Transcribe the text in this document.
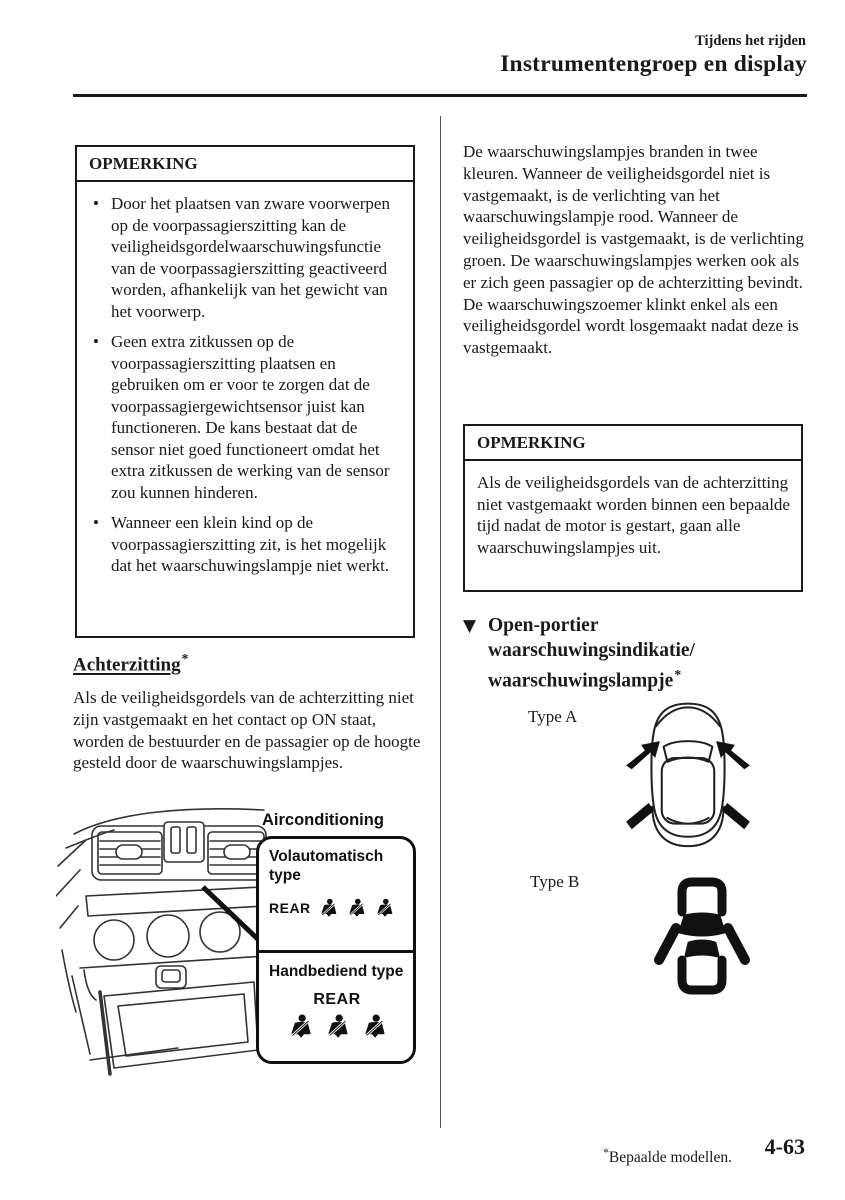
Tijdens het rijden
Instrumentengroep en display
OPMERKING
• Door het plaatsen van zware voorwerpen op de voorpassagierszitting kan de veiligheidsgordelwaarschuwingsfunctie van de voorpassagierszitting geactiveerd worden, afhankelijk van het gewicht van het voorwerp.
• Geen extra zitkussen op de voorpassagierszitting plaatsen en gebruiken om er voor te zorgen dat de voorpassagiergewichtsensor juist kan functioneren. De kans bestaat dat de sensor niet goed functioneert omdat het extra zitkussen de werking van de sensor zou kunnen hinderen.
• Wanneer een klein kind op de voorpassagierszitting zit, is het mogelijk dat het waarschuwingslampje niet werkt.
Achterzitting*
Als de veiligheidsgordels van de achterzitting niet zijn vastgemaakt en het contact op ON staat, worden de bestuurder en de passagier op de hoogte gesteld door de waarschuwingslampjes.
Airconditioning
Volautomatisch type
REAR
Handbediend type
REAR
De waarschuwingslampjes branden in twee kleuren. Wanneer de veiligheidsgordel niet is vastgemaakt, is de verlichting van het waarschuwingslampje rood. Wanneer de veiligheidsgordel is vastgemaakt, is de verlichting groen. De waarschuwingslampjes werken ook als er zich geen passagier op de achterzitting bevindt. De waarschuwingszoemer klinkt enkel als een veiligheidsgordel wordt losgemaakt nadat deze is vastgemaakt.
OPMERKING
Als de veiligheidsgordels van de achterzitting niet vastgemaakt worden binnen een bepaalde tijd nadat de motor is gestart, gaan alle waarschuwingslampjes uit.
▼ Open-portier
waarschuwingsindikatie/
waarschuwingslampje*
Type A
Type B
*Bepaalde modellen. 4-63
